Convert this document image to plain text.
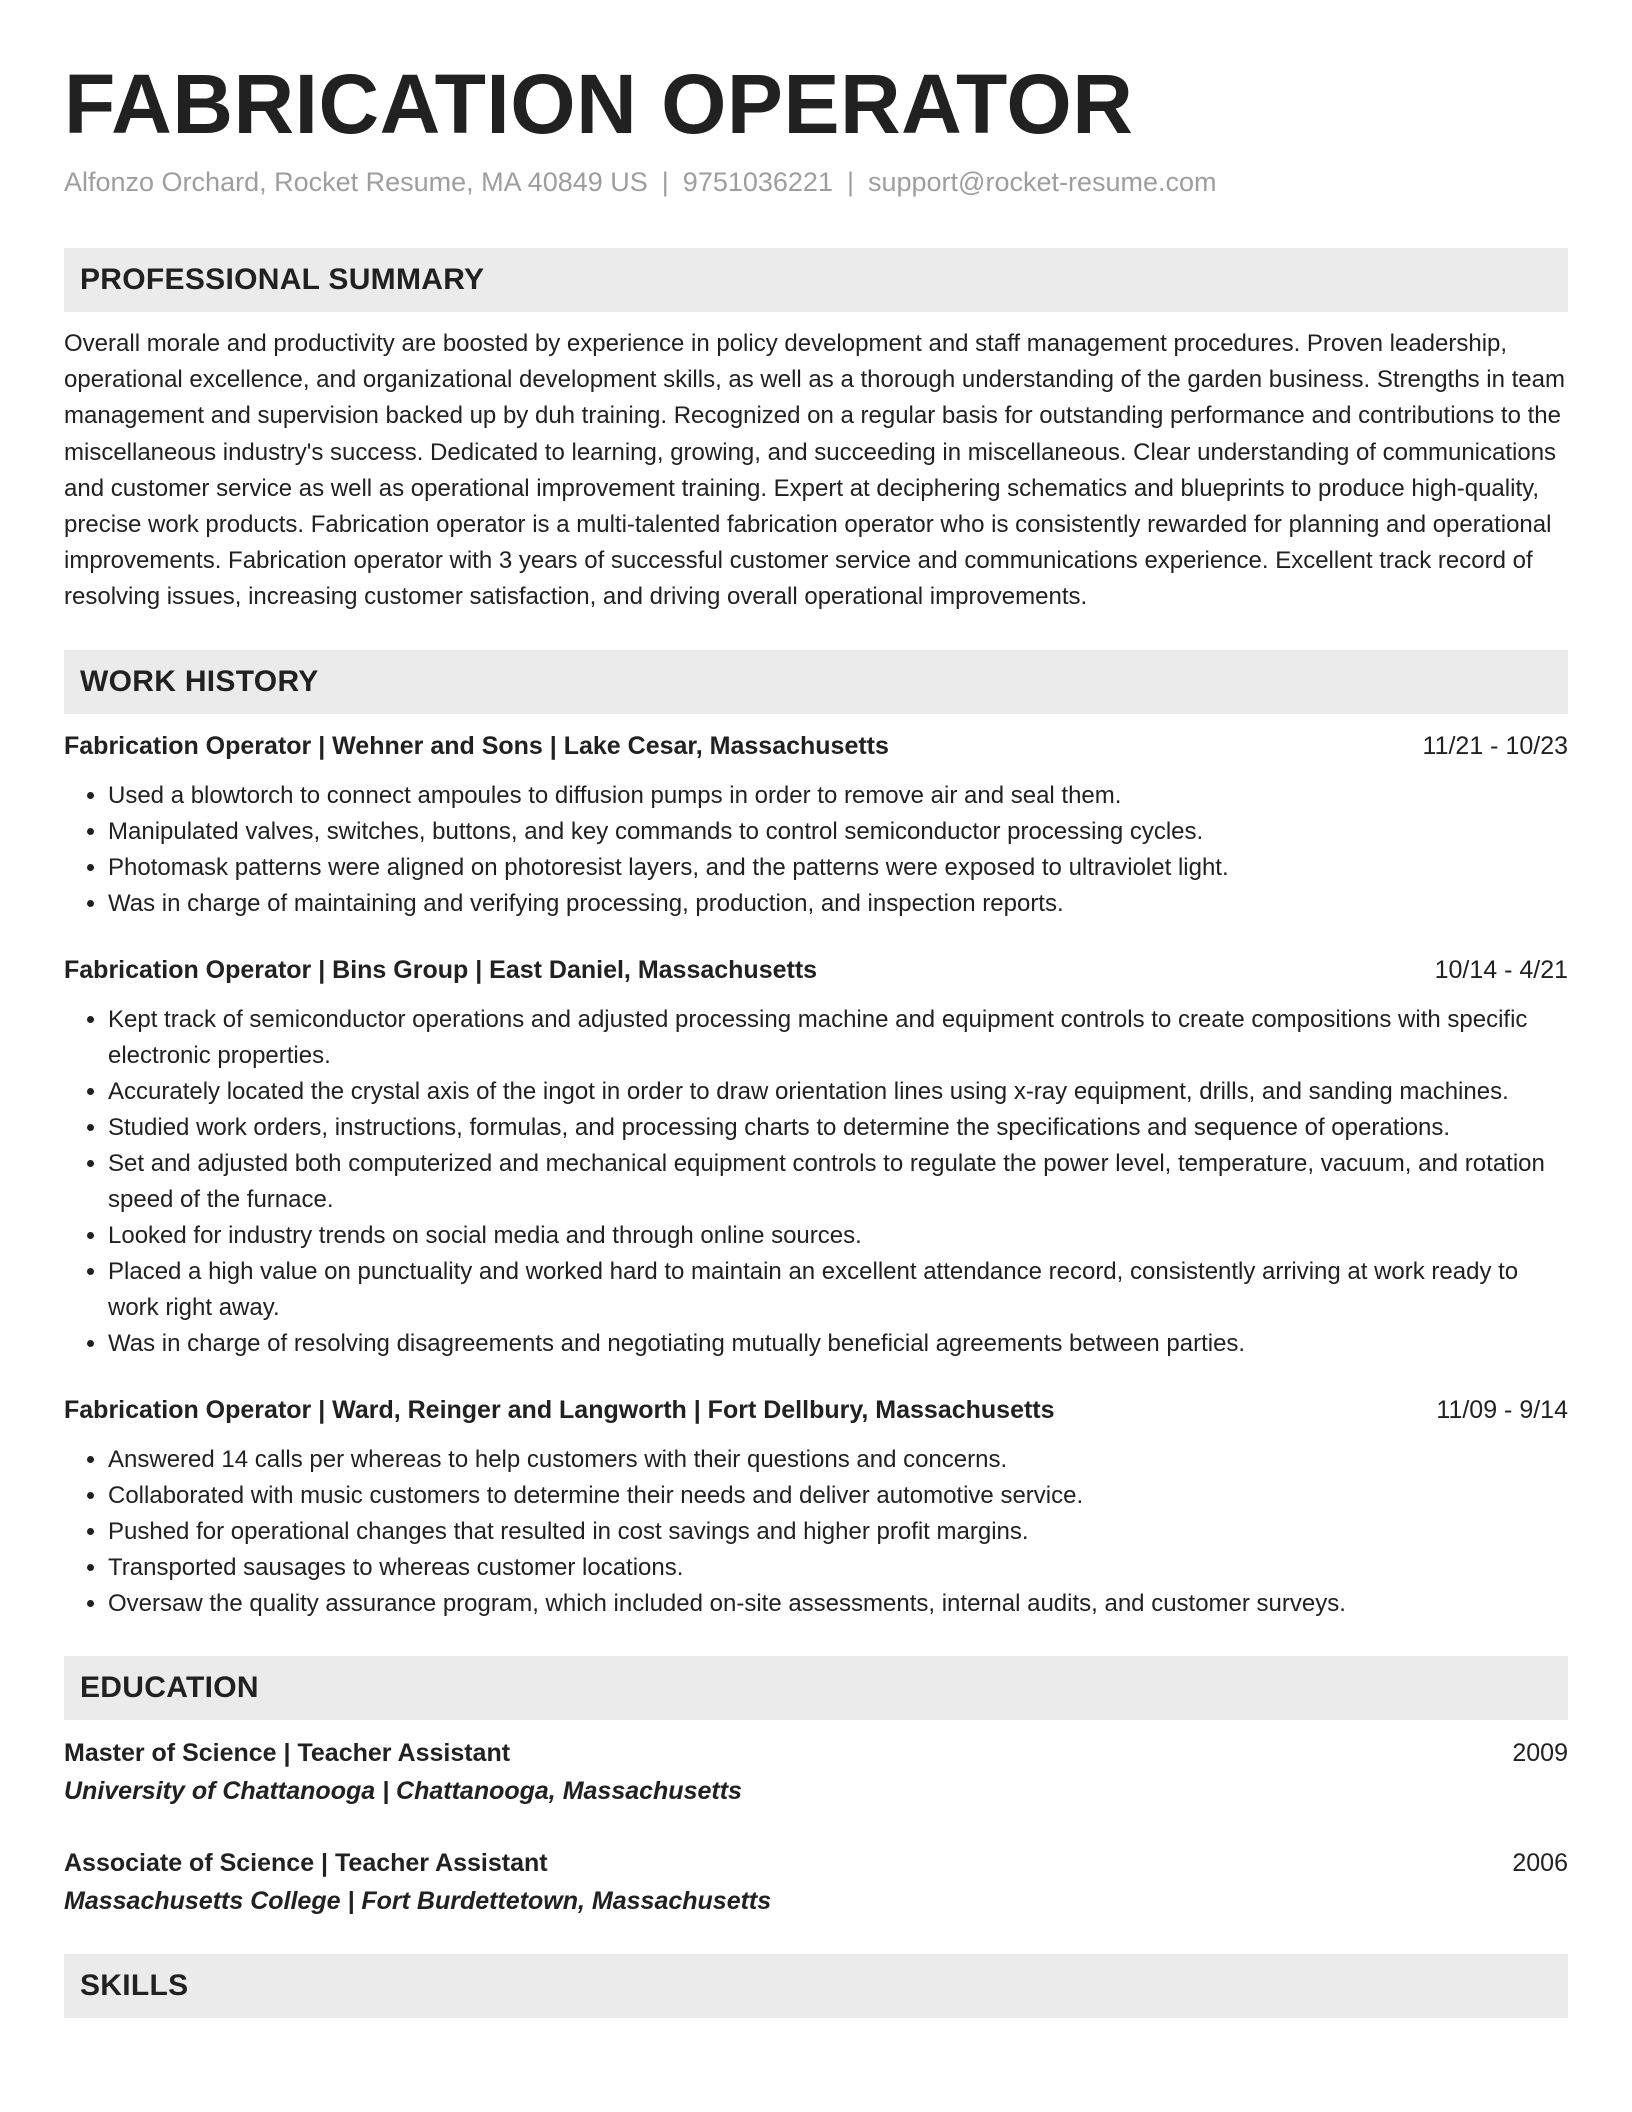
FABRICATION OPERATOR
Alfonzo Orchard, Rocket Resume, MA 40849 US | 9751036221 | support@rocket-resume.com
PROFESSIONAL SUMMARY
Overall morale and productivity are boosted by experience in policy development and staff management procedures. Proven leadership, operational excellence, and organizational development skills, as well as a thorough understanding of the garden business. Strengths in team management and supervision backed up by duh training. Recognized on a regular basis for outstanding performance and contributions to the miscellaneous industry's success. Dedicated to learning, growing, and succeeding in miscellaneous. Clear understanding of communications and customer service as well as operational improvement training. Expert at deciphering schematics and blueprints to produce high-quality, precise work products. Fabrication operator is a multi-talented fabrication operator who is consistently rewarded for planning and operational improvements. Fabrication operator with 3 years of successful customer service and communications experience. Excellent track record of resolving issues, increasing customer satisfaction, and driving overall operational improvements.
WORK HISTORY
Fabrication Operator | Wehner and Sons | Lake Cesar, Massachusetts	11/21 - 10/23
• Used a blowtorch to connect ampoules to diffusion pumps in order to remove air and seal them.
• Manipulated valves, switches, buttons, and key commands to control semiconductor processing cycles.
• Photomask patterns were aligned on photoresist layers, and the patterns were exposed to ultraviolet light.
• Was in charge of maintaining and verifying processing, production, and inspection reports.
Fabrication Operator | Bins Group | East Daniel, Massachusetts	10/14 - 4/21
• Kept track of semiconductor operations and adjusted processing machine and equipment controls to create compositions with specific electronic properties.
• Accurately located the crystal axis of the ingot in order to draw orientation lines using x-ray equipment, drills, and sanding machines.
• Studied work orders, instructions, formulas, and processing charts to determine the specifications and sequence of operations.
• Set and adjusted both computerized and mechanical equipment controls to regulate the power level, temperature, vacuum, and rotation speed of the furnace.
• Looked for industry trends on social media and through online sources.
• Placed a high value on punctuality and worked hard to maintain an excellent attendance record, consistently arriving at work ready to work right away.
• Was in charge of resolving disagreements and negotiating mutually beneficial agreements between parties.
Fabrication Operator | Ward, Reinger and Langworth | Fort Dellbury, Massachusetts	11/09 - 9/14
• Answered 14 calls per whereas to help customers with their questions and concerns.
• Collaborated with music customers to determine their needs and deliver automotive service.
• Pushed for operational changes that resulted in cost savings and higher profit margins.
• Transported sausages to whereas customer locations.
• Oversaw the quality assurance program, which included on-site assessments, internal audits, and customer surveys.
EDUCATION
Master of Science | Teacher Assistant	2009
University of Chattanooga | Chattanooga, Massachusetts
Associate of Science | Teacher Assistant	2006
Massachusetts College | Fort Burdettetown, Massachusetts
SKILLS
